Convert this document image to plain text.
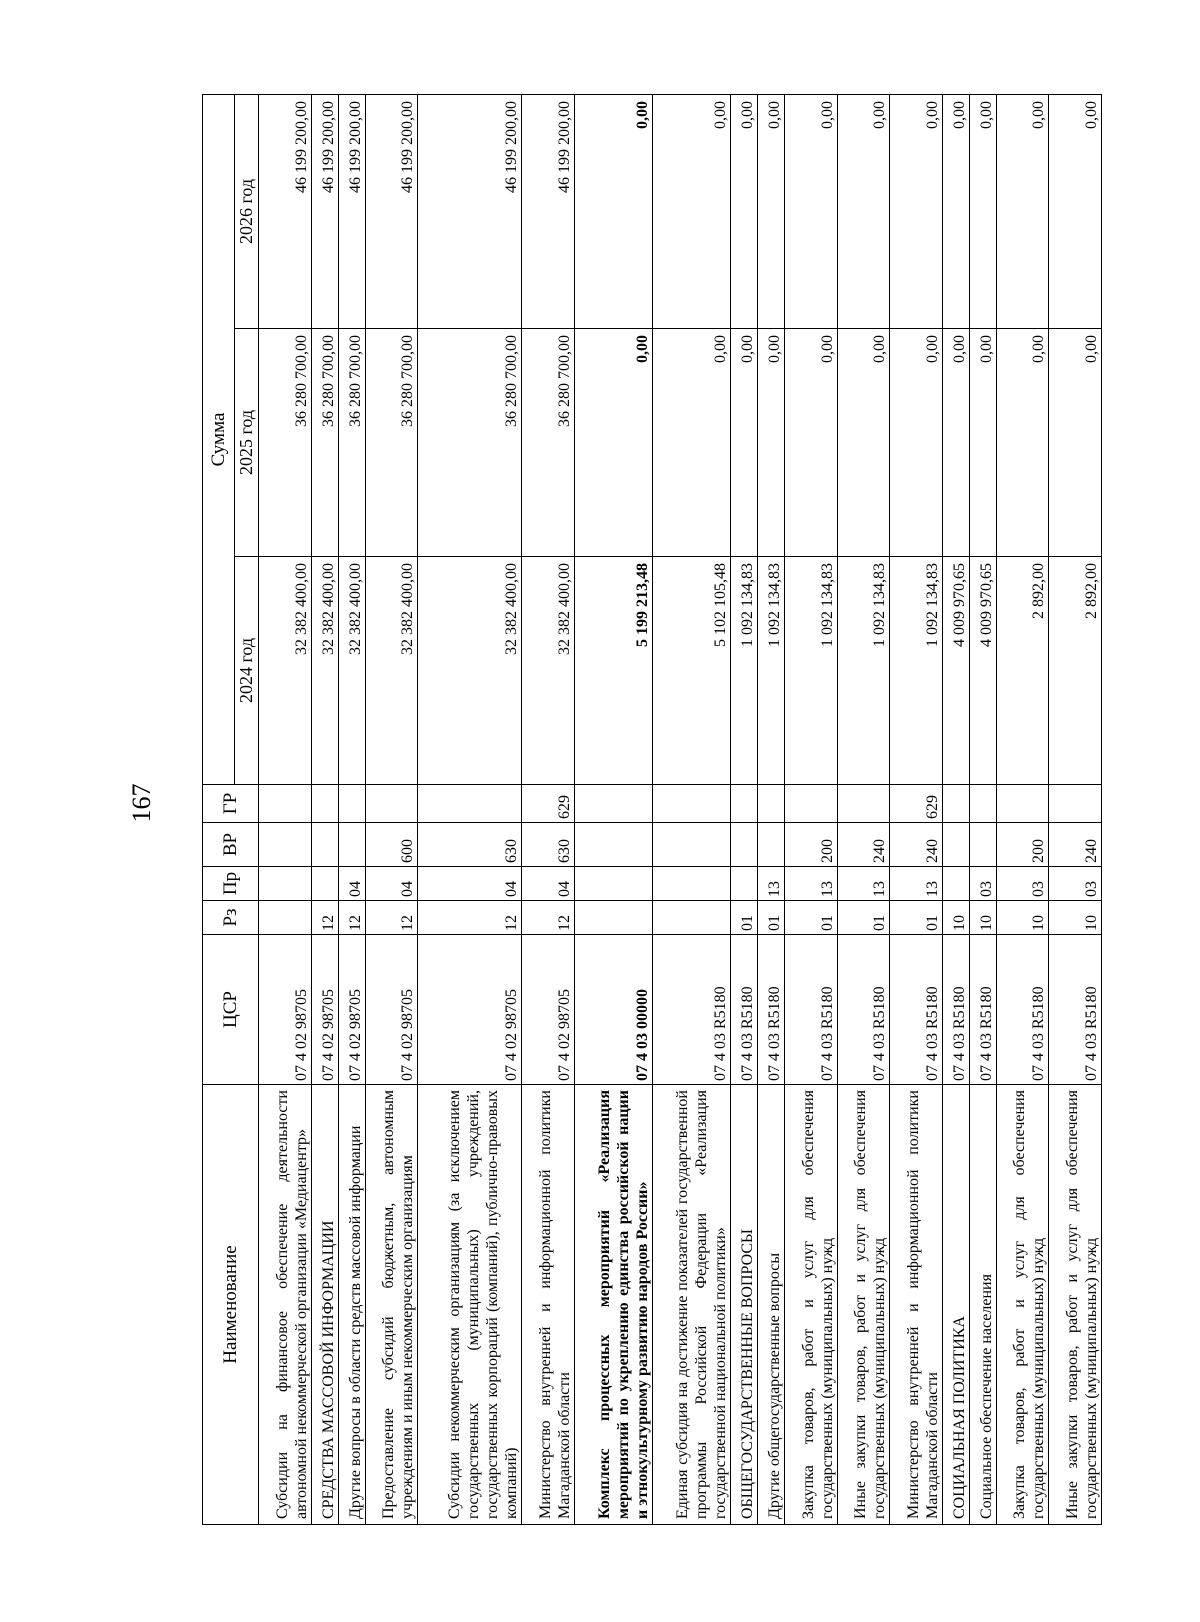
167
Наименование	ЦСР	Рз	Пр	ВР	ГР	Сумма		
						2024 год	2025 год	2026 год
Субсидии на финансовое обеспечение деятельности автономной некоммерческой организации «Медиацентр»	07 4 02 98705					32 382 400,00	36 280 700,00	46 199 200,00
СРЕДСТВА МАССОВОЙ ИНФОРМАЦИИ	07 4 02 98705	12				32 382 400,00	36 280 700,00	46 199 200,00
Другие вопросы в области средств массовой информации	07 4 02 98705	12	04			32 382 400,00	36 280 700,00	46 199 200,00
Предоставление субсидий бюджетным, автономным учреждениям и иным некоммерческим организациям	07 4 02 98705	12	04	600		32 382 400,00	36 280 700,00	46 199 200,00
Субсидии некоммерческим организациям (за исключением государственных (муниципальных) учреждений, государственных корпораций (компаний), публично-правовых компаний)	07 4 02 98705	12	04	630		32 382 400,00	36 280 700,00	46 199 200,00
Министерство внутренней и информационной политики Магаданской области	07 4 02 98705	12	04	630	629	32 382 400,00	36 280 700,00	46 199 200,00
Комплекс процессных мероприятий «Реализация мероприятий по укреплению единства российской нации и этнокультурному развитию народов России»	07 4 03 00000					5 199 213,48	0,00	0,00
Единая субсидия на достижение показателей государственной программы Российской Федерации «Реализация государственной национальной политики»	07 4 03 R5180					5 102 105,48	0,00	0,00
ОБЩЕГОСУДАРСТВЕННЫЕ ВОПРОСЫ	07 4 03 R5180	01				1 092 134,83	0,00	0,00
Другие общегосударственные вопросы	07 4 03 R5180	01	13			1 092 134,83	0,00	0,00
Закупка товаров, работ и услуг для обеспечения государственных (муниципальных) нужд	07 4 03 R5180	01	13	200		1 092 134,83	0,00	0,00
Иные закупки товаров, работ и услуг для обеспечения государственных (муниципальных) нужд	07 4 03 R5180	01	13	240		1 092 134,83	0,00	0,00
Министерство внутренней и информационной политики Магаданской области	07 4 03 R5180	01	13	240	629	1 092 134,83	0,00	0,00
СОЦИАЛЬНАЯ ПОЛИТИКА	07 4 03 R5180	10				4 009 970,65	0,00	0,00
Социальное обеспечение населения	07 4 03 R5180	10	03			4 009 970,65	0,00	0,00
Закупка товаров, работ и услуг для обеспечения государственных (муниципальных) нужд	07 4 03 R5180	10	03	200		2 892,00	0,00	0,00
Иные закупки товаров, работ и услуг для обеспечения государственных (муниципальных) нужд	07 4 03 R5180	10	03	240		2 892,00	0,00	0,00
